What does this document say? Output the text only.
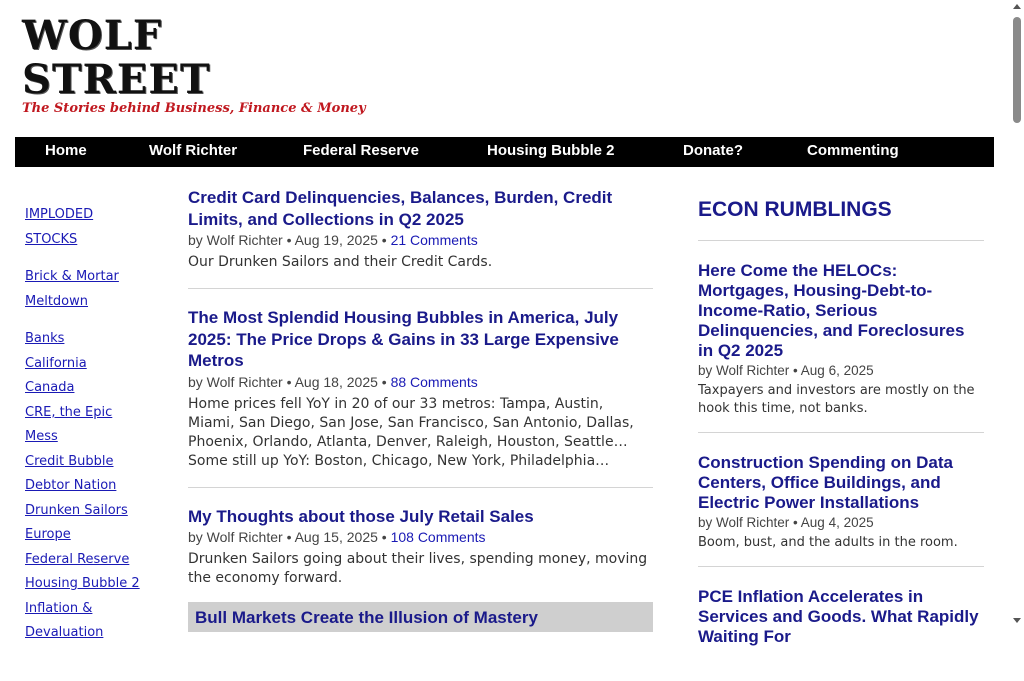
WOLF STREET
The Stories behind Business, Finance & Money
Home	Wolf Richter	Federal Reserve	Housing Bubble 2	Donate?	Commenting
IMPLODED
STOCKS
Brick & Mortar
Meltdown
Banks
California
Canada
CRE, the Epic
Mess
Credit Bubble
Debtor Nation
Drunken Sailors
Europe
Federal Reserve
Housing Bubble 2
Inflation &
Devaluation
Credit Card Delinquencies, Balances, Burden, Credit Limits, and Collections in Q2 2025
by Wolf Richter • Aug 19, 2025 • 21 Comments
Our Drunken Sailors and their Credit Cards.
The Most Splendid Housing Bubbles in America, July 2025: The Price Drops & Gains in 33 Large Expensive Metros
by Wolf Richter • Aug 18, 2025 • 88 Comments
Home prices fell YoY in 20 of our 33 metros: Tampa, Austin, Miami, San Diego, San Jose, San Francisco, San Antonio, Dallas, Phoenix, Orlando, Atlanta, Denver, Raleigh, Houston, Seattle… Some still up YoY: Boston, Chicago, New York, Philadelphia…
My Thoughts about those July Retail Sales
by Wolf Richter • Aug 15, 2025 • 108 Comments
Drunken Sailors going about their lives, spending money, moving the economy forward.
Bull Markets Create the Illusion of Mastery
ECON RUMBLINGS
Here Come the HELOCs: Mortgages, Housing-Debt-to-Income-Ratio, Serious Delinquencies, and Foreclosures in Q2 2025
by Wolf Richter • Aug 6, 2025
Taxpayers and investors are mostly on the hook this time, not banks.
Construction Spending on Data Centers, Office Buildings, and Electric Power Installations
by Wolf Richter • Aug 4, 2025
Boom, bust, and the adults in the room.
PCE Inflation Accelerates in Services and Goods. What Rapidly Waiting For
